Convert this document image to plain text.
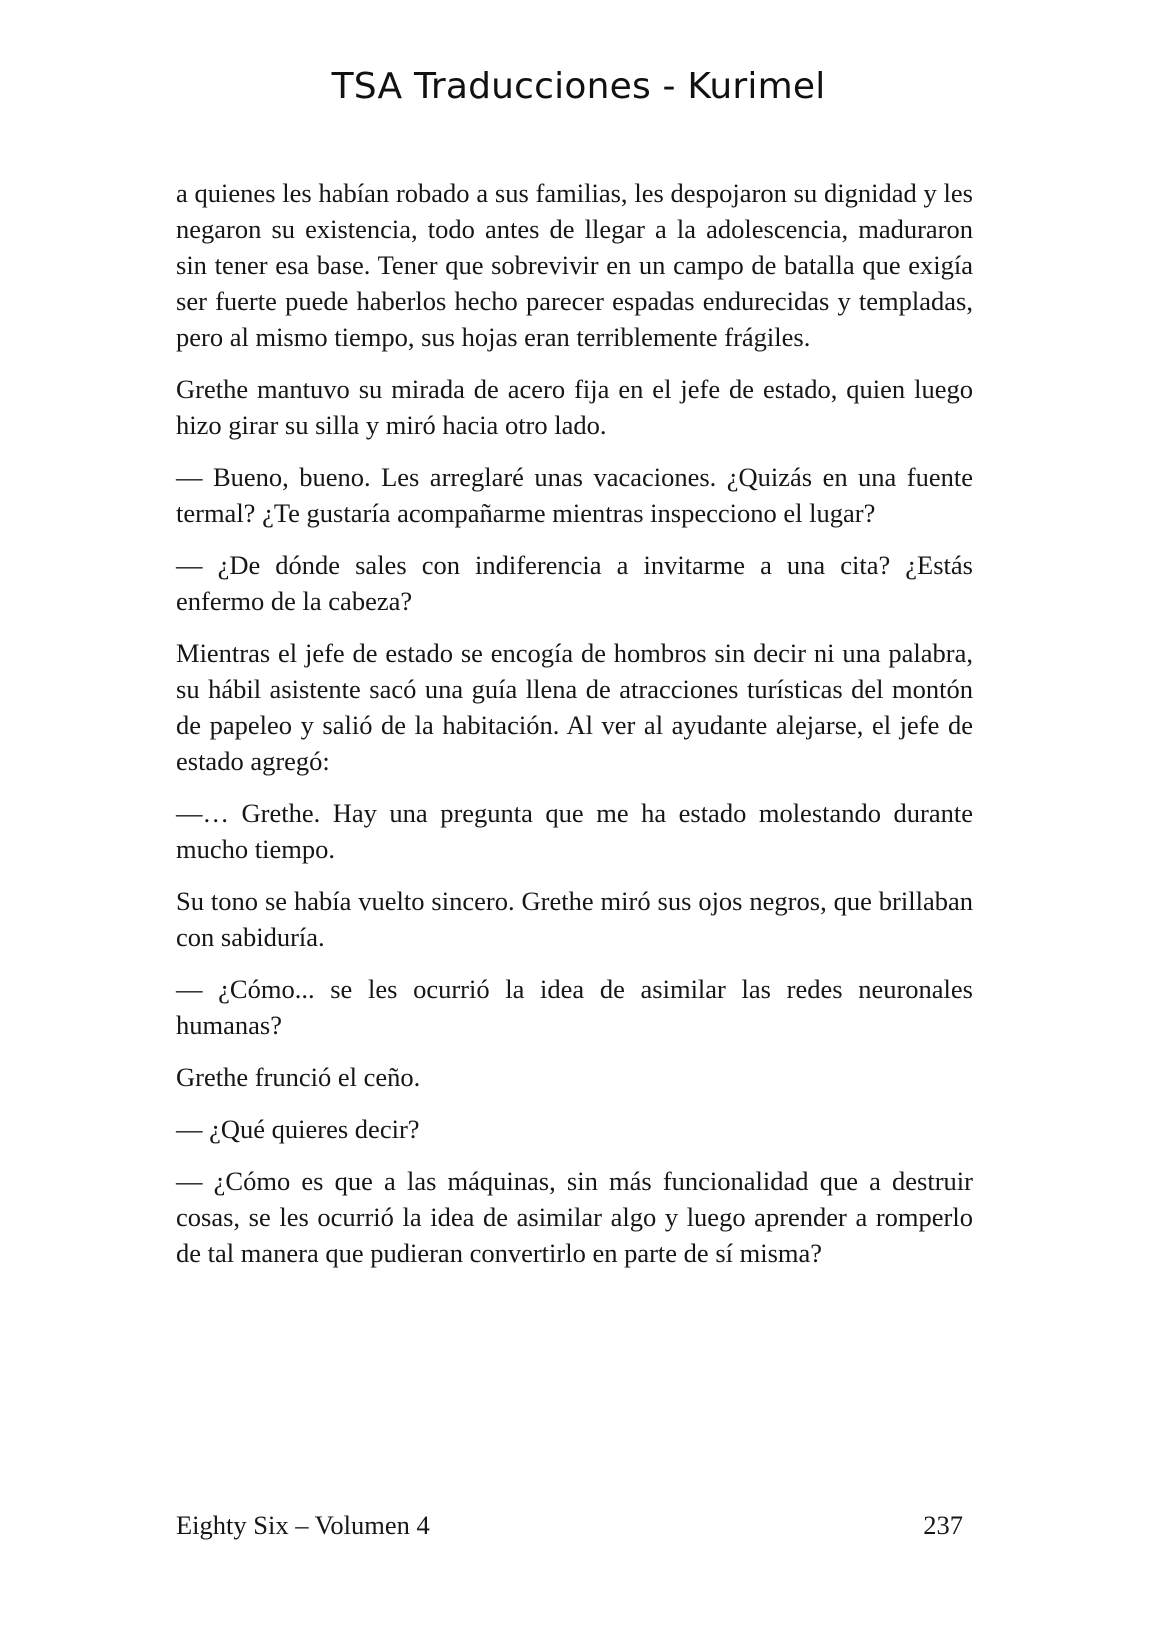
TSA Traducciones - Kurimel

a quienes les habían robado a sus familias, les despojaron su dignidad y les negaron su existencia, todo antes de llegar a la adolescencia, maduraron sin tener esa base. Tener que sobrevivir en un campo de batalla que exigía ser fuerte puede haberlos hecho parecer espadas endurecidas y templadas, pero al mismo tiempo, sus hojas eran terriblemente frágiles.

Grethe mantuvo su mirada de acero fija en el jefe de estado, quien luego hizo girar su silla y miró hacia otro lado.

— Bueno, bueno. Les arreglaré unas vacaciones. ¿Quizás en una fuente termal? ¿Te gustaría acompañarme mientras inspecciono el lugar?

— ¿De dónde sales con indiferencia a invitarme a una cita? ¿Estás enfermo de la cabeza?

Mientras el jefe de estado se encogía de hombros sin decir ni una palabra, su hábil asistente sacó una guía llena de atracciones turísticas del montón de papeleo y salió de la habitación. Al ver al ayudante alejarse, el jefe de estado agregó:

—… Grethe. Hay una pregunta que me ha estado molestando durante mucho tiempo.

Su tono se había vuelto sincero. Grethe miró sus ojos negros, que brillaban con sabiduría.

— ¿Cómo... se les ocurrió la idea de asimilar las redes neuronales humanas?

Grethe frunció el ceño.

— ¿Qué quieres decir?

— ¿Cómo es que a las máquinas, sin más funcionalidad que a destruir cosas, se les ocurrió la idea de asimilar algo y luego aprender a romperlo de tal manera que pudieran convertirlo en parte de sí misma?

Eighty Six – Volumen 4	237
